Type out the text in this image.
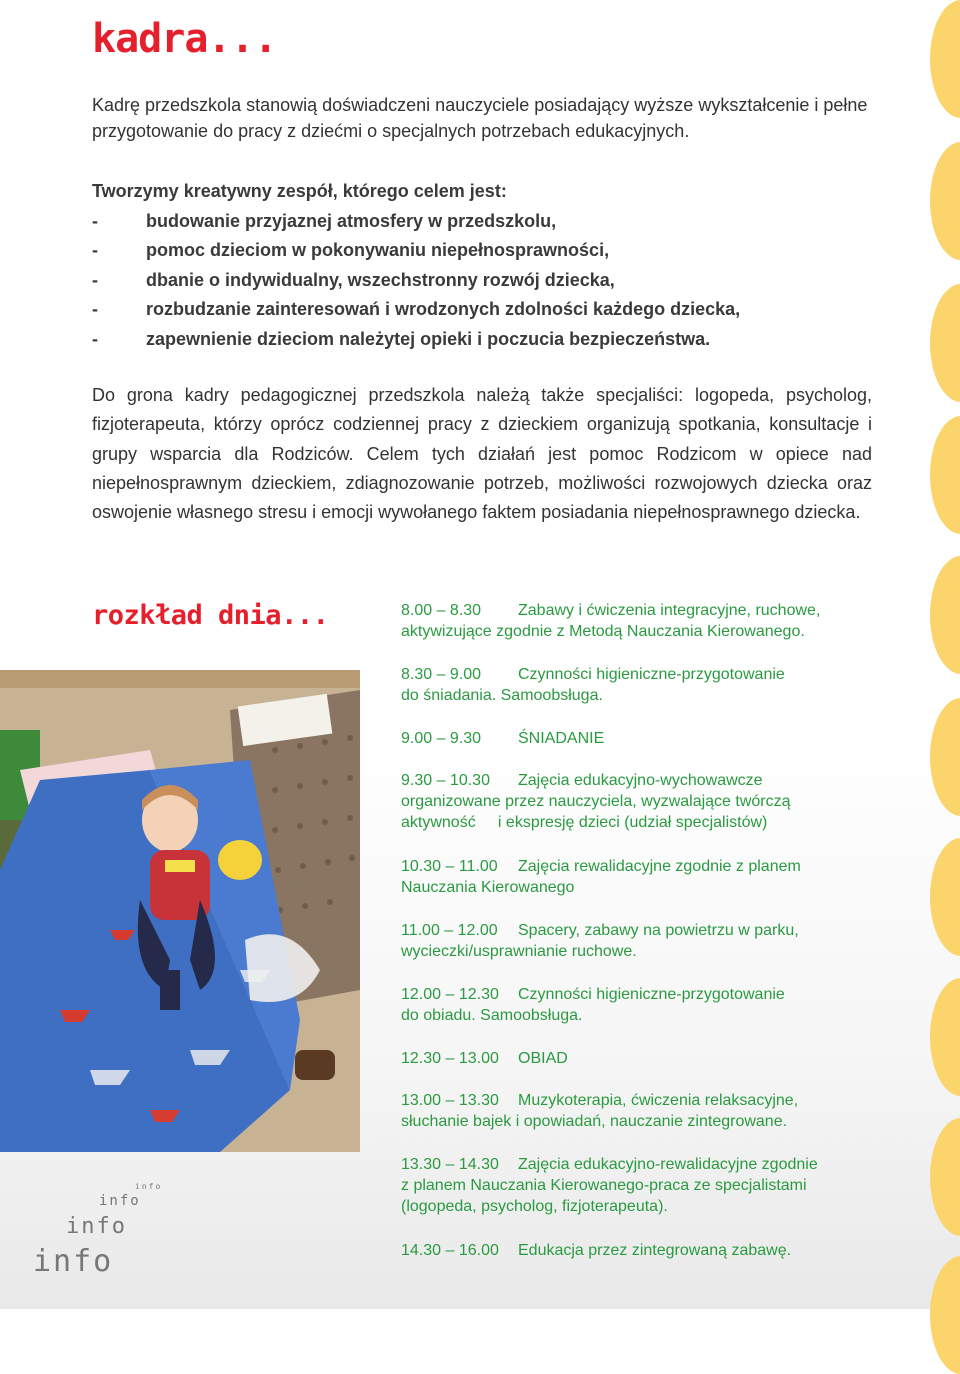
kadra...

Kadrę przedszkola stanowią doświadczeni nauczyciele posiadający wyższe wykształcenie i pełne przygotowanie do pracy z dziećmi o specjalnych potrzebach edukacyjnych.

Tworzymy kreatywny zespół, którego celem jest:

-	budowanie przyjaznej atmosfery w przedszkolu,
-	pomoc dzieciom w pokonywaniu niepełnosprawności,
-	dbanie o indywidualny, wszechstronny rozwój dziecka,
-	rozbudzanie zainteresowań i wrodzonych zdolności każdego dziecka,
-	zapewnienie dzieciom należytej opieki i poczucia bezpieczeństwa.

Do grona kadry pedagogicznej przedszkola należą także specjaliści: logopeda, psycholog, fizjoterapeuta, którzy oprócz codziennej pracy z dzieckiem organizują spotkania, konsultacje i grupy wsparcia dla Rodziców. Celem tych działań jest pomoc Rodzicom w opiece nad niepełnosprawnym dzieckiem, zdiagnozowanie potrzeb, możliwości rozwojowych dziecka oraz oswojenie własnego stresu i emocji wywołanego faktem posiadania niepełnosprawnego dziecka.

rozkład dnia...
info
info
info
info
8.00 – 8.30 Zabawy i ćwiczenia integracyjne, ruchowe,
aktywizujące zgodnie z Metodą Nauczania Kierowanego.
8.30 – 9.00 Czynności higieniczne-przygotowanie
do śniadania. Samoobsługa.
9.00 – 9.30 ŚNIADANIE
9.30 – 10.30 Zajęcia edukacyjno-wychowawcze
organizowane przez nauczyciela, wyzwalające twórczą aktywność     i ekspresję dzieci (udział specjalistów)
10.30 – 11.00 Zajęcia rewalidacyjne zgodnie z planem
Nauczania Kierowanego
11.00 – 12.00 Spacery, zabawy na powietrzu w parku,
wycieczki/usprawnianie ruchowe.
12.00 – 12.30 Czynności higieniczne-przygotowanie
do obiadu. Samoobsługa.
12.30 – 13.00 OBIAD
13.00 – 13.30 Muzykoterapia, ćwiczenia relaksacyjne,
słuchanie bajek i opowiadań, nauczanie zintegrowane.
13.30 – 14.30 Zajęcia edukacyjno-rewalidacyjne zgodnie
z planem Nauczania Kierowanego-praca ze specjalistami (logopeda, psycholog, fizjoterapeuta).
14.30 – 16.00 Edukacja przez zintegrowaną zabawę.
